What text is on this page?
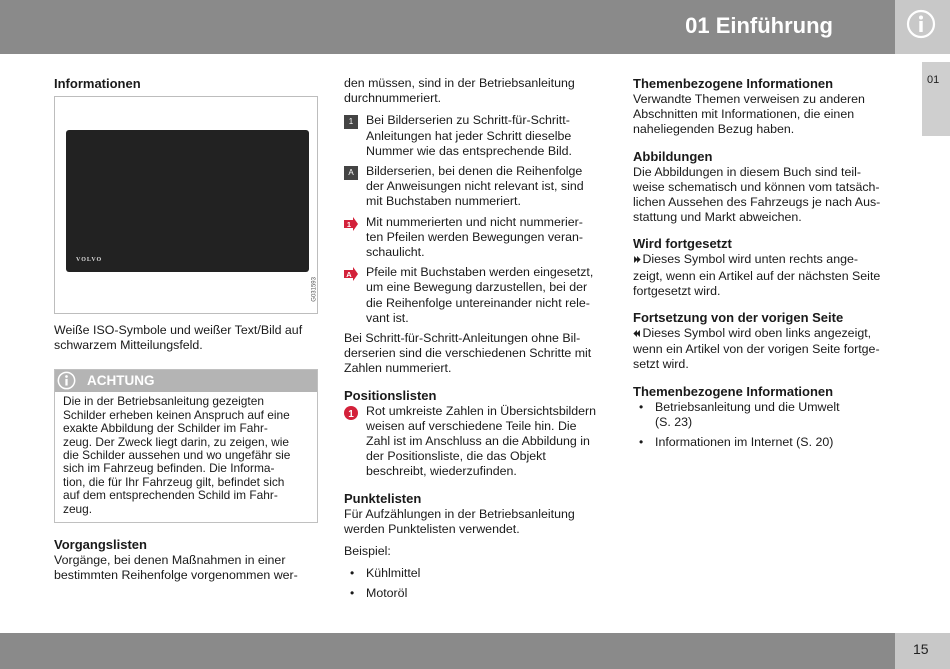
01 Einführung
01
Informationen
VOLVO
G031593

Weiße ISO-Symbole und weißer Text/Bild auf schwarzem Mitteilungsfeld.

ACHTUNG
Die in der Betriebsanleitung gezeigten
Schilder erheben keinen Anspruch auf eine
exakte Abbildung der Schilder im Fahr-
zeug. Der Zweck liegt darin, zu zeigen, wie
die Schilder aussehen und wo ungefähr sie
sich im Fahrzeug befinden. Die Informa-
tion, die für Ihr Fahrzeug gilt, befindet sich
auf dem entsprechenden Schild im Fahr-
zeug.
Vorgangslisten

Vorgänge, bei denen Maßnahmen in einer
bestimmten Reihenfolge vorgenommen wer-

den müssen, sind in der Betriebsanleitung
durchnummeriert.

1	Bei Bilderserien zu Schritt-für-Schritt-
Anleitungen hat jeder Schritt dieselbe
Nummer wie das entsprechende Bild.
A Bilderserien, bei denen die Reihenfolge
der Anweisungen nicht relevant ist, sind
mit Buchstaben nummeriert.
1 Mit nummerierten und nicht nummerier-
ten Pfeilen werden Bewegungen veran-
schaulicht.
A Pfeile mit Buchstaben werden eingesetzt,
um eine Bewegung darzustellen, bei der
die Reihenfolge untereinander nicht rele-
vant ist.

Bei Schritt-für-Schritt-Anleitungen ohne Bil-
derserien sind die verschiedenen Schritte mit
Zahlen nummeriert.

Positionslisten
1 Rot umkreiste Zahlen in Übersichtsbildern
weisen auf verschiedene Teile hin. Die
Zahl ist im Anschluss an die Abbildung in
der Positionsliste, die das Objekt
beschreibt, wiederzufinden.
Punktelisten

Für Aufzählungen in der Betriebsanleitung
werden Punktelisten verwendet.

Beispiel:

• Kühlmittel
• Motoröl
Themenbezogene Informationen

Verwandte Themen verweisen zu anderen
Abschnitten mit Informationen, die einen
naheliegenden Bezug haben.

Abbildungen

Die Abbildungen in diesem Buch sind teil-
weise schematisch und können vom tatsäch-
lichen Aussehen des Fahrzeugs je nach Aus-
stattung und Markt abweichen.

Wird fortgesetzt

⏵⏵ Dieses Symbol wird unten rechts ange-
zeigt, wenn ein Artikel auf der nächsten Seite
fortgesetzt wird.

Fortsetzung von der vorigen Seite

⏴⏴ Dieses Symbol wird oben links angezeigt,
wenn ein Artikel von der vorigen Seite fortge-
setzt wird.

Themenbezogene Informationen
• Betriebsanleitung und die Umwelt
(S. 23)
• Informationen im Internet (S. 20)
15
